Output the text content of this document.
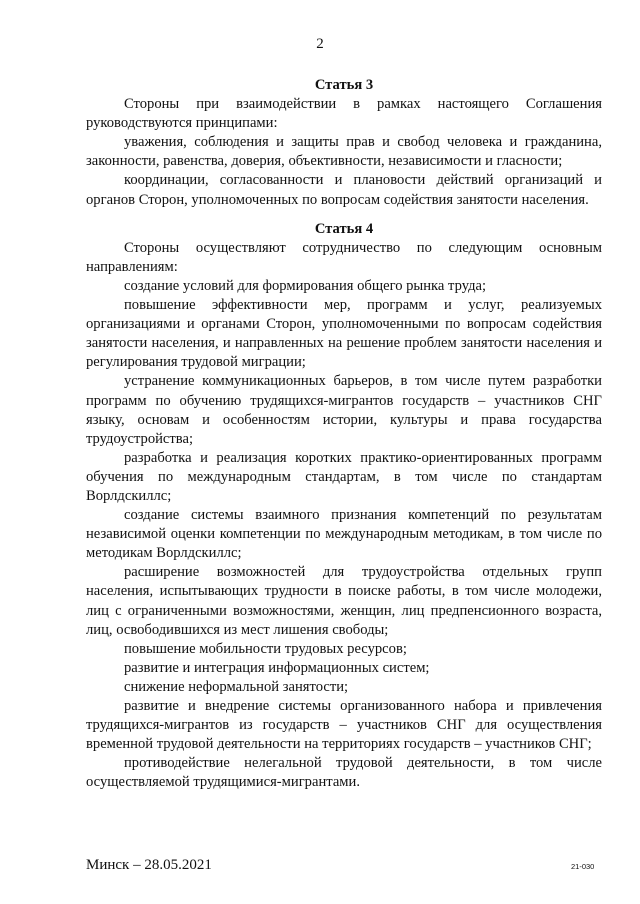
2

Статья 3

Стороны при взаимодействии в рамках настоящего Соглашения руководствуются принципами:

уважения, соблюдения и защиты прав и свобод человека и гражданина, законности, равенства, доверия, объективности, независимости и гласности;

координации, согласованности и плановости действий организаций и органов Сторон, уполномоченных по вопросам содействия занятости населения.

Статья 4

Стороны осуществляют сотрудничество по следующим основным направлениям:

создание условий для формирования общего рынка труда;

повышение эффективности мер, программ и услуг, реализуемых организациями и органами Сторон, уполномоченными по вопросам содействия занятости населения, и направленных на решение проблем занятости населения и регулирования трудовой миграции;

устранение коммуникационных барьеров, в том числе путем разработки программ по обучению трудящихся-мигрантов государств – участников СНГ языку, основам и особенностям истории, культуры и права государства трудоустройства;

разработка и реализация коротких практико-ориентированных программ обучения по международным стандартам, в том числе по стандартам Ворлдскиллс;

создание системы взаимного признания компетенций по результатам независимой оценки компетенции по международным методикам, в том числе по методикам Ворлдскиллс;

расширение возможностей для трудоустройства отдельных групп населения, испытывающих трудности в поиске работы, в том числе молодежи, лиц с ограниченными возможностями, женщин, лиц предпенсионного возраста, лиц, освободившихся из мест лишения свободы;

повышение мобильности трудовых ресурсов;

развитие и интеграция информационных систем;

снижение неформальной занятости;

развитие и внедрение системы организованного набора и привлечения трудящихся-мигрантов из государств – участников СНГ для осуществления временной трудовой деятельности на территориях государств – участников СНГ;

противодействие нелегальной трудовой деятельности, в том числе осуществляемой трудящимися-мигрантами.

Минск – 28.05.2021	21-030
